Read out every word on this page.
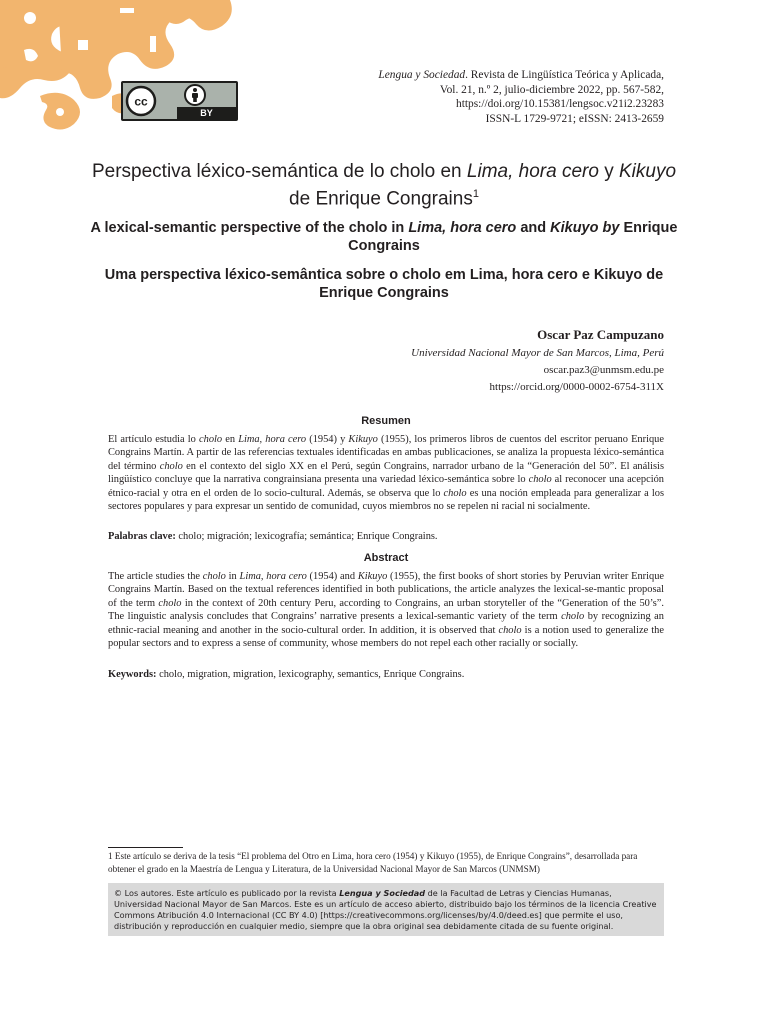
cc
BY
Lengua y Sociedad. Revista de Lingüística Teórica y Aplicada,
Vol. 21, n.º 2, julio-diciembre 2022, pp. 567-582,
https://doi.org/10.15381/lengsoc.v21i2.23283
ISSN-L 1729-9721; eISSN: 2413-2659
Perspectiva léxico-semántica de lo cholo en Lima, hora cero y Kikuyo de Enrique Congrains$^1$
A lexical-semantic perspective of the cholo in Lima, hora cero and Kikuyo by Enrique Congrains
Uma perspectiva léxico-semântica sobre o cholo em Lima, hora cero e Kikuyo de Enrique Congrains
Oscar Paz Campuzano
Universidad Nacional Mayor de San Marcos, Lima, Perú
oscar.paz3@unmsm.edu.pe
https://orcid.org/0000-0002-6754-311X
Resumen
El artículo estudia lo cholo en Lima, hora cero (1954) y Kikuyo (1955), los primeros libros de cuentos del escritor peruano Enrique Congrains Martín. A partir de las referencias textuales identificadas en ambas publicaciones, se analiza la propuesta léxico-semántica del término cholo en el contexto del siglo XX en el Perú, según Congrains, narrador urbano de la “Generación del 50”. El análisis lingüístico concluye que la narrativa congrainsiana presenta una variedad léxico-semántica sobre lo cholo al reconocer una acepción étnico-racial y otra en el orden de lo socio-cultural. Además, se observa que lo cholo es una noción empleada para generalizar a los sectores populares y para expresar un sentido de comunidad, cuyos miembros no se repelen ni racial ni socialmente.
Palabras clave: cholo; migración; lexicografía; semántica; Enrique Congrains.
Abstract
The article studies the cholo in Lima, hora cero (1954) and Kikuyo (1955), the first books of short stories by Peruvian writer Enrique Congrains Martín. Based on the textual references identified in both publications, the article analyzes the lexical-se-mantic proposal of the term cholo in the context of 20th century Peru, according to Congrains, an urban storyteller of the “Generation of the 50’s”. The linguistic analysis concludes that Congrains’ narrative presents a lexical-semantic variety of the term cholo by recognizing an ethnic-racial meaning and another in the socio-cultural order. In addition, it is observed that cholo is a notion used to generalize the popular sectors and to express a sense of community, whose members do not repel each other racially or socially.
Keywords: cholo, migration, migration, lexicography, semantics, Enrique Congrains.
1 Este artículo se deriva de la tesis “El problema del Otro en Lima, hora cero (1954) y Kikuyo (1955), de Enrique Congrains”, desarrollada para obtener el grado en la Maestría de Lengua y Literatura, de la Universidad Nacional Mayor de San Marcos (UNMSM)
© Los autores. Este artículo es publicado por la revista Lengua y Sociedad de la Facultad de Letras y Ciencias Humanas, Universidad Nacional Mayor de San Marcos. Este es un artículo de acceso abierto, distribuido bajo los términos de la licencia Creative Commons Atribución 4.0 Internacional (CC BY 4.0) [https://creativecommons.org/licenses/by/4.0/deed.es] que permite el uso, distribución y reproducción en cualquier medio, siempre que la obra original sea debidamente citada de su fuente original.
